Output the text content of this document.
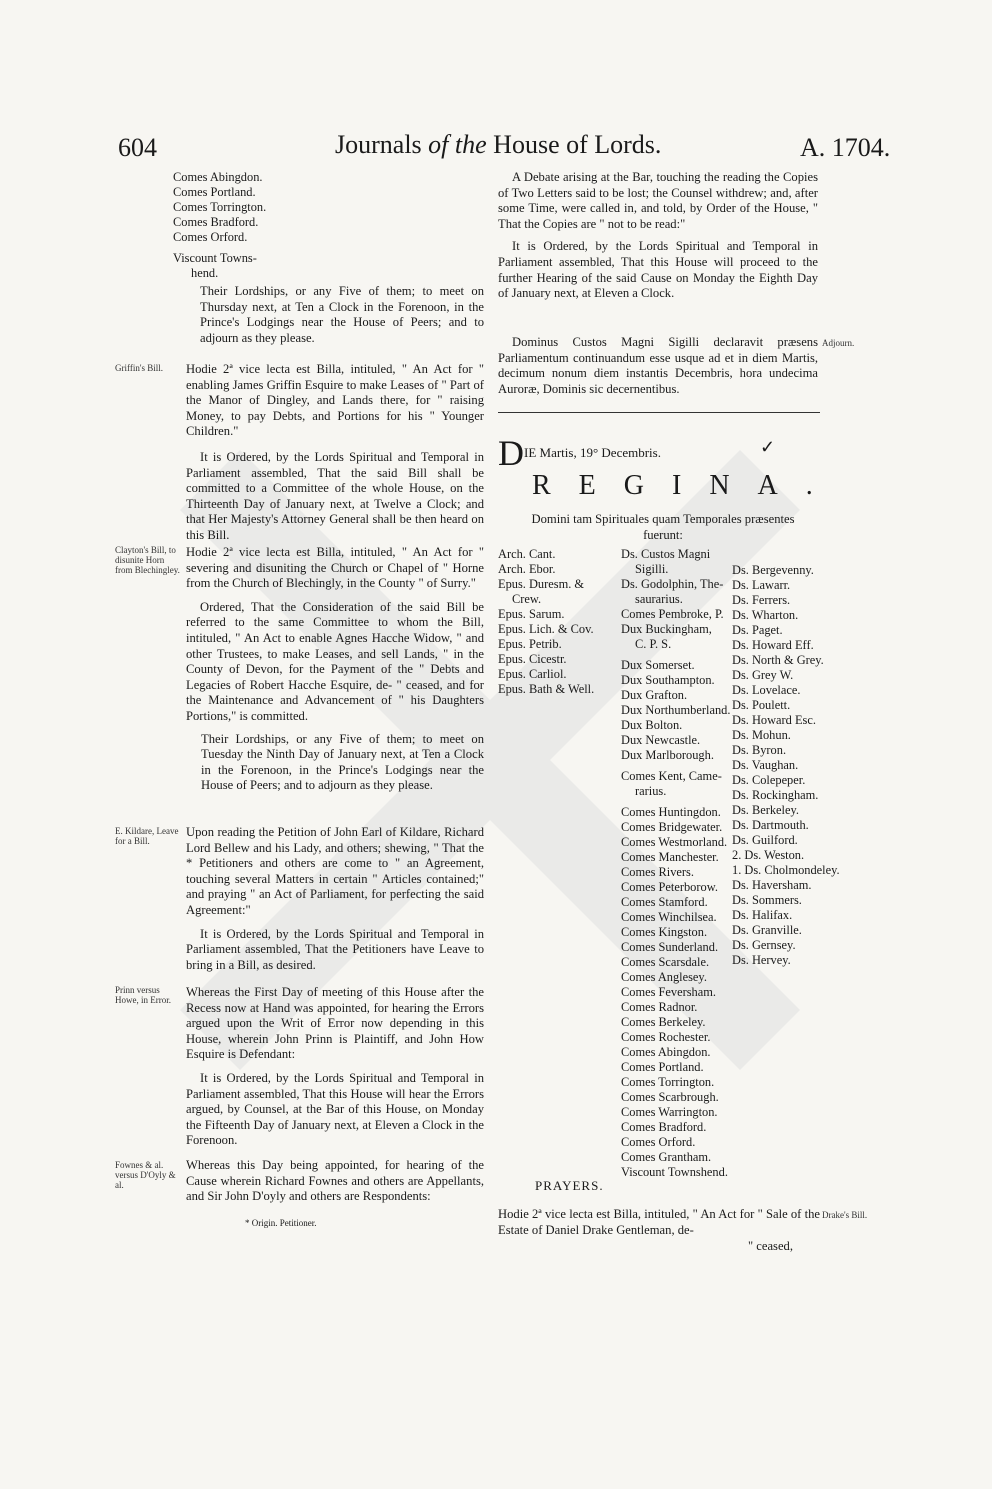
604	Journals of the House of Lords.	A. 1704.
Comes Abingdon.
Comes Portland.
Comes Torrington.
Comes Bradford.
Comes Orford.
Viscount Towns-
hend.

Their Lordships, or any Five of them; to meet on Thursday next, at Ten a Clock in the Forenoon, in the Prince's Lodgings near the House of Peers; and to adjourn as they please.

Griffin's Bill.	Hodie 2ª vice lecta est Billa, intituled, " An Act for " enabling James Griffin Esquire to make Leases of " Part of the Manor of Dingley, and Lands there, for " raising Money, to pay Debts, and Portions for his " Younger Children."

It is Ordered, by the Lords Spiritual and Temporal in Parliament assembled, That the said Bill shall be committed to a Committee of the whole House, on the Thirteenth Day of January next, at Twelve a Clock; and that Her Majesty's Attorney General shall be then heard on this Bill.

Clayton's Bill, to disunite Horn from Blechingley.

Hodie 2ª vice lecta est Billa, intituled, " An Act for " severing and disuniting the Church or Chapel of " Horne from the Church of Blechingly, in the County " of Surry."

Ordered, That the Consideration of the said Bill be referred to the same Committee to whom the Bill, intituled, " An Act to enable Agnes Hacche Widow, " and other Trustees, to make Leases, and sell Lands, " in the County of Devon, for the Payment of the " Debts and Legacies of Robert Hacche Esquire, de- " ceased, and for the Maintenance and Advancement of " his Daughters Portions," is committed.

Their Lordships, or any Five of them; to meet on Tuesday the Ninth Day of January next, at Ten a Clock in the Forenoon, in the Prince's Lodgings near the House of Peers; and to adjourn as they please.

E. Kildare, Leave for a Bill.

Upon reading the Petition of John Earl of Kildare, Richard Lord Bellew and his Lady, and others; shewing, " That the * Petitioners and others are come to " an Agreement, touching several Matters in certain " Articles contained;" and praying " an Act of Parliament, for perfecting the said Agreement:"

It is Ordered, by the Lords Spiritual and Temporal in Parliament assembled, That the Petitioners have Leave to bring in a Bill, as desired.

Prinn versus Howe, in Error.

Whereas the First Day of meeting of this House after the Recess now at Hand was appointed, for hearing the Errors argued upon the Writ of Error now depending in this House, wherein John Prinn is Plaintiff, and John How Esquire is Defendant:

It is Ordered, by the Lords Spiritual and Temporal in Parliament assembled, That this House will hear the Errors argued, by Counsel, at the Bar of this House, on Monday the Fifteenth Day of January next, at Eleven a Clock in the Forenoon.

Fownes & al. versus D'Oyly & al.

Whereas this Day being appointed, for hearing of the Cause wherein Richard Fownes and others are Appellants, and Sir John D'oyly and others are Respondents:

* Origin. Petitioner.

A Debate arising at the Bar, touching the reading the Copies of Two Letters said to be lost; the Counsel withdrew; and, after some Time, were called in, and told, by Order of the House, " That the Copies are " not to be read:"

It is Ordered, by the Lords Spiritual and Temporal in Parliament assembled, That this House will proceed to the further Hearing of the said Cause on Monday the Eighth Day of January next, at Eleven a Clock.

Dominus Custos Magni Sigilli declaravit præsens Parliamentum continuandum esse usque ad et in diem Martis, decimum nonum diem instantis Decembris, hora undecima Auroræ, Dominis sic decernentibus.

Adjourn.
DIE Martis, 19° Decembris.	✓
REGINA.
Domini tam Spirituales quam Temporales præsentes
fuerunt:
Arch. Cant.
Arch. Ebor.
Epus. Duresm. &
Crew.
Epus. Sarum.
Epus. Lich. & Cov.
Epus. Petrib.
Epus. Cicestr.
Epus. Carliol.
Epus. Bath & Well.
Ds. Custos Magni
Sigilli.
Ds. Godolphin, The-
saurarius.
Comes Pembroke, P.
Dux Buckingham,
C. P. S.
Dux Somerset.
Dux Southampton.
Dux Grafton.
Dux Northumberland.
Dux Bolton.
Dux Newcastle.
Dux Marlborough.
Comes Kent, Came-
rarius.
Comes Huntingdon.
Comes Bridgewater.
Comes Westmorland.
Comes Manchester.
Comes Rivers.
Comes Peterborow.
Comes Stamford.
Comes Winchilsea.
Comes Kingston.
Comes Sunderland.
Comes Scarsdale.
Comes Anglesey.
Comes Feversham.
Comes Radnor.
Comes Berkeley.
Comes Rochester.
Comes Abingdon.
Comes Portland.
Comes Torrington.
Comes Scarbrough.
Comes Warrington.
Comes Bradford.
Comes Orford.
Comes Grantham.
Viscount Townshend.
Ds. Bergevenny.
Ds. Lawarr.
Ds. Ferrers.
Ds. Wharton.
Ds. Paget.
Ds. Howard Eff.
Ds. North & Grey.
Ds. Grey W.
Ds. Lovelace.
Ds. Poulett.
Ds. Howard Esc.
Ds. Mohun.
Ds. Byron.
Ds. Vaughan.
Ds. Colepeper.
Ds. Rockingham.
Ds. Berkeley.
Ds. Dartmouth.
Ds. Guilford.
2. Ds. Weston.
1. Ds. Cholmondeley.
Ds. Haversham.
Ds. Sommers.
Ds. Halifax.
Ds. Granville.
Ds. Gernsey.
Ds. Hervey.
PRAYERS.

Hodie 2ª vice lecta est Billa, intituled, " An Act for " Sale of the Estate of Daniel Drake Gentleman, de-

" ceased,
Drake's Bill.
